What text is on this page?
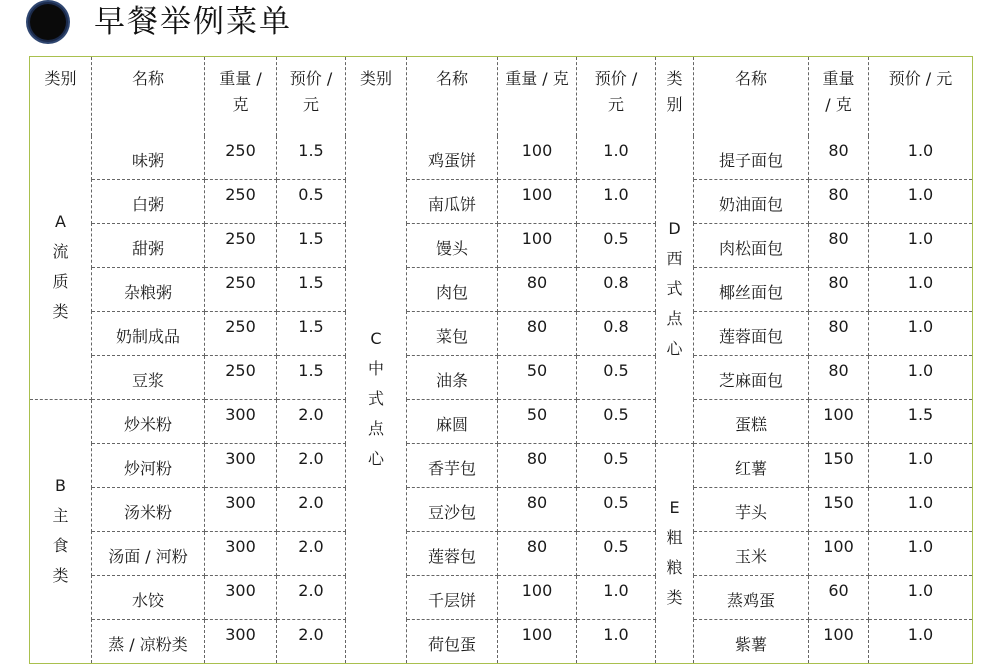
早餐举例菜单
类别	名称	重量 / 克	预价 / 元	类别	名称	重量 / 克	预价 / 元	类别	名称	重量 / 克	预价 / 元
A流质类	味粥	250	1.5	C中式点心	鸡蛋饼	100	1.0	D西式点心	提子面包	80	1.0
	白粥	250	0.5		南瓜饼	100	1.0		奶油面包	80	1.0
	甜粥	250	1.5		馒头	100	0.5		肉松面包	80	1.0
	杂粮粥	250	1.5		肉包	80	0.8		椰丝面包	80	1.0
	奶制成品	250	1.5		菜包	80	0.8		莲蓉面包	80	1.0
	豆浆	250	1.5		油条	50	0.5		芝麻面包	80	1.0
B主食类	炒米粉	300	2.0		麻圆	50	0.5		蛋糕	100	1.5
	炒河粉	300	2.0		香芋包	80	0.5	E粗粮类	红薯	150	1.0
	汤米粉	300	2.0		豆沙包	80	0.5		芋头	150	1.0
	汤面 / 河粉	300	2.0		莲蓉包	80	0.5		玉米	100	1.0
	水饺	300	2.0		千层饼	100	1.0		蒸鸡蛋	60	1.0
	蒸 / 凉粉类	300	2.0		荷包蛋	100	1.0		紫薯	100	1.0
